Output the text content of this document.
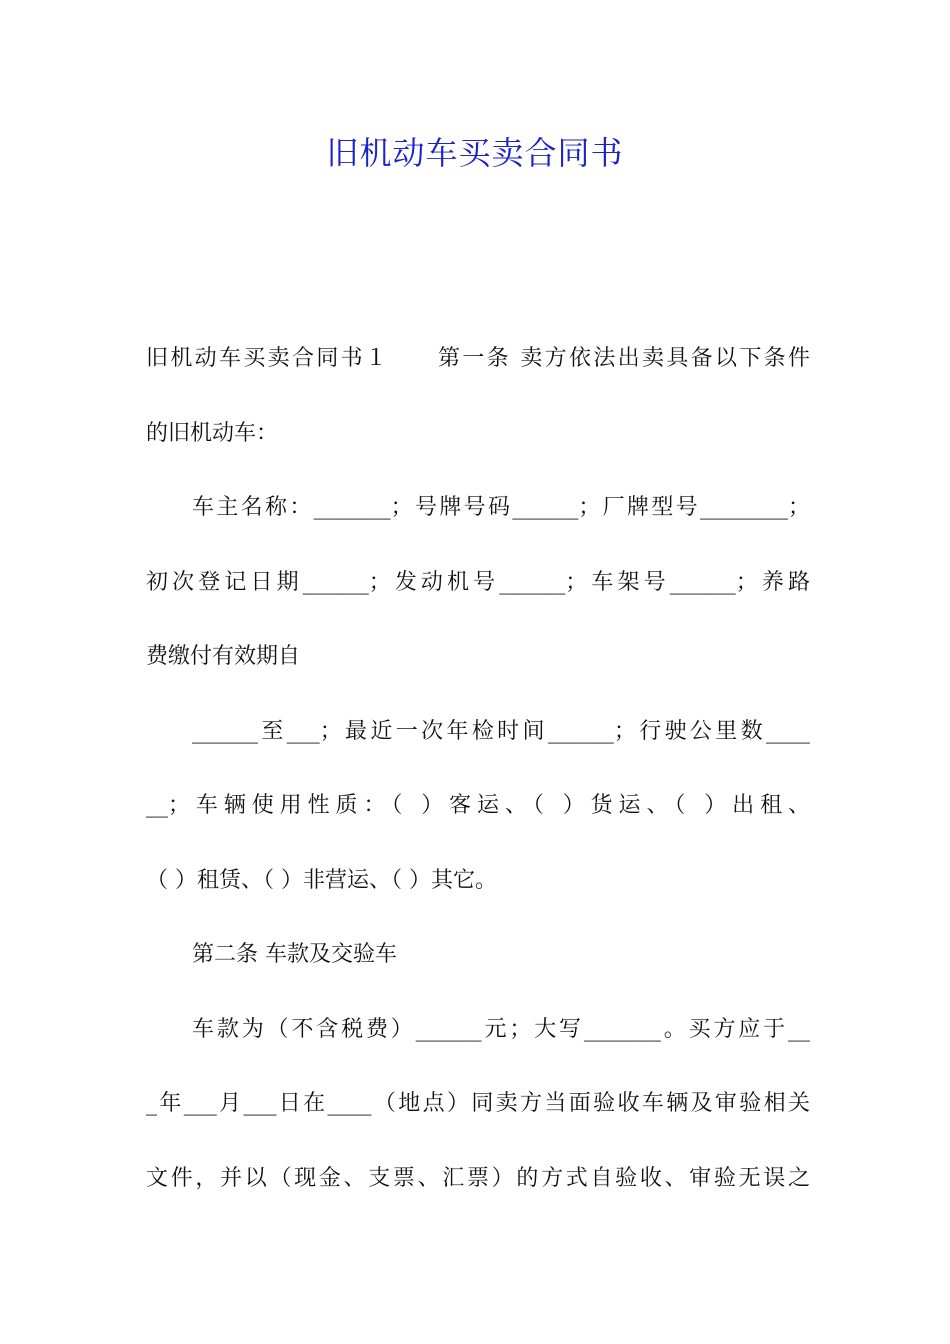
旧机动车买卖合同书
旧机动车买卖合同书１　　第一条 卖方依法出卖具备以下条件
的旧机动车：
车主名称：_______；号牌号码______；厂牌型号________；
初次登记日期______；发动机号______；车架号______；养路
费缴付有效期自
______至___；最近一次年检时间______；行驶公里数____
__；车辆使用性质：（ ）客运、（ ）货运、（ ）出租、
（ ）租赁、（ ）非营运、（ ）其它。
第二条 车款及交验车
车款为（不含税费）______元；大写_______。买方应于__
_年___月___日在____（地点）同卖方当面验收车辆及审验相关
文件，并以（现金、支票、汇票）的方式自验收、审验无误之
